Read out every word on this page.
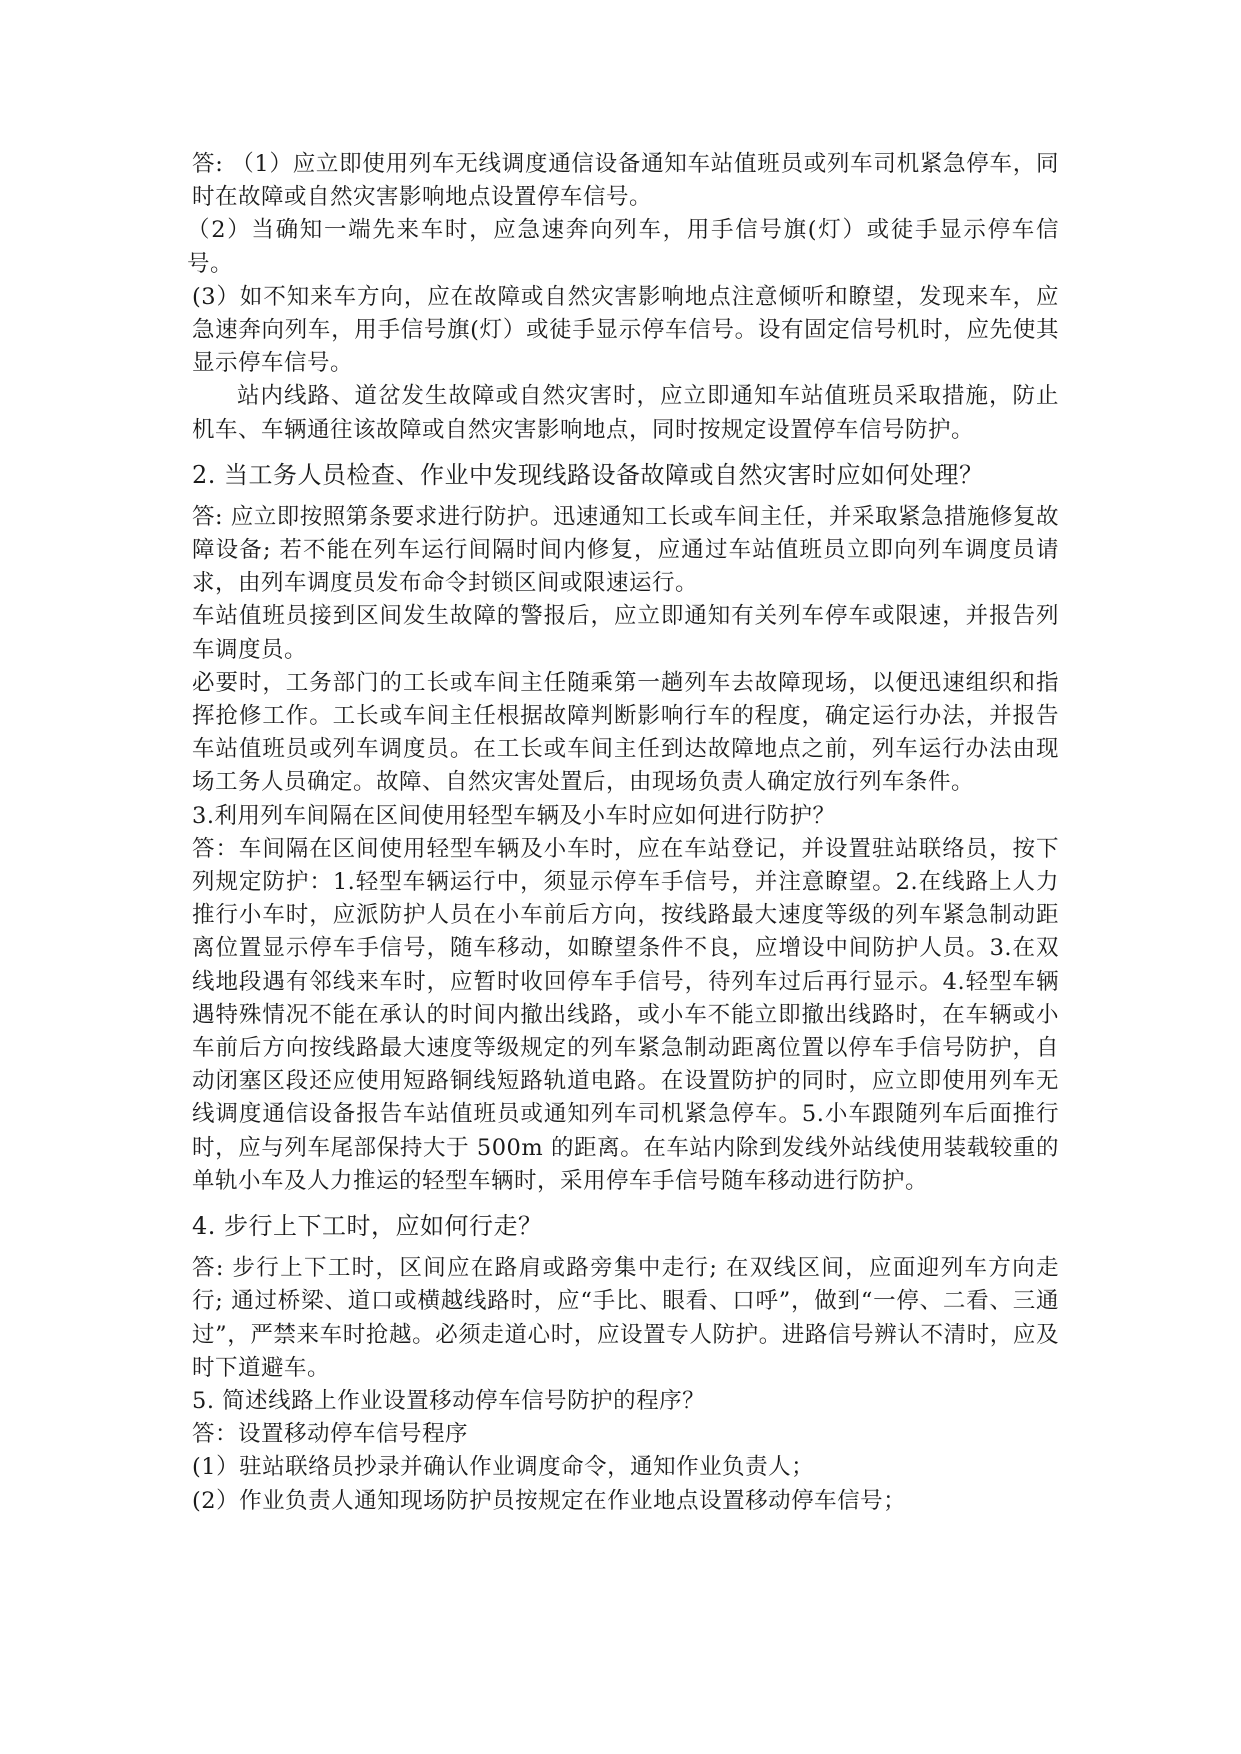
答: （1）应立即使用列车无线调度通信设备通知车站值班员或列车司机紧急停车，同时在故障或自然灾害影响地点设置停车信号。

（2）当确知一端先来车时，应急速奔向列车，用手信号旗(灯）或徒手显示停车信号。

(3）如不知来车方向，应在故障或自然灾害影响地点注意倾听和瞭望，发现来车，应急速奔向列车，用手信号旗(灯）或徒手显示停车信号。设有固定信号机时，应先使其显示停车信号。

站内线路、道岔发生故障或自然灾害时，应立即通知车站值班员采取措施，防止机车、车辆通往该故障或自然灾害影响地点，同时按规定设置停车信号防护。

2. 当工务人员检查、作业中发现线路设备故障或自然灾害时应如何处理？

答: 应立即按照第条要求进行防护。迅速通知工长或车间主任，并采取紧急措施修复故障设备; 若不能在列车运行间隔时间内修复，应通过车站值班员立即向列车调度员请求，由列车调度员发布命令封锁区间或限速运行。

车站值班员接到区间发生故障的警报后，应立即通知有关列车停车或限速，并报告列车调度员。

必要时，工务部门的工长或车间主任随乘第一趟列车去故障现场，以便迅速组织和指挥抢修工作。工长或车间主任根据故障判断影响行车的程度，确定运行办法，并报告车站值班员或列车调度员。在工长或车间主任到达故障地点之前，列车运行办法由现场工务人员确定。故障、自然灾害处置后，由现场负责人确定放行列车条件。

3.利用列车间隔在区间使用轻型车辆及小车时应如何进行防护？

答：车间隔在区间使用轻型车辆及小车时，应在车站登记，并设置驻站联络员，按下列规定防护：1.轻型车辆运行中，须显示停车手信号，并注意瞭望。2.在线路上人力推行小车时，应派防护人员在小车前后方向，按线路最大速度等级的列车紧急制动距离位置显示停车手信号，随车移动，如瞭望条件不良，应增设中间防护人员。3.在双线地段遇有邻线来车时，应暂时收回停车手信号，待列车过后再行显示。4.轻型车辆遇特殊情况不能在承认的时间内撤出线路，或小车不能立即撤出线路时，在车辆或小车前后方向按线路最大速度等级规定的列车紧急制动距离位置以停车手信号防护，自动闭塞区段还应使用短路铜线短路轨道电路。在设置防护的同时，应立即使用列车无线调度通信设备报告车站值班员或通知列车司机紧急停车。5.小车跟随列车后面推行时，应与列车尾部保持大于 500m 的距离。在车站内除到发线外站线使用装载较重的单轨小车及人力推运的轻型车辆时，采用停车手信号随车移动进行防护。

4. 步行上下工时，应如何行走？

答: 步行上下工时，区间应在路肩或路旁集中走行; 在双线区间，应面迎列车方向走行; 通过桥梁、道口或横越线路时，应“手比、眼看、口呼”，做到“一停、二看、三通过”，严禁来车时抢越。必须走道心时，应设置专人防护。进路信号辨认不清时，应及时下道避车。

5. 简述线路上作业设置移动停车信号防护的程序？

答：设置移动停车信号程序

(1）驻站联络员抄录并确认作业调度命令，通知作业负责人；

(2）作业负责人通知现场防护员按规定在作业地点设置移动停车信号；
